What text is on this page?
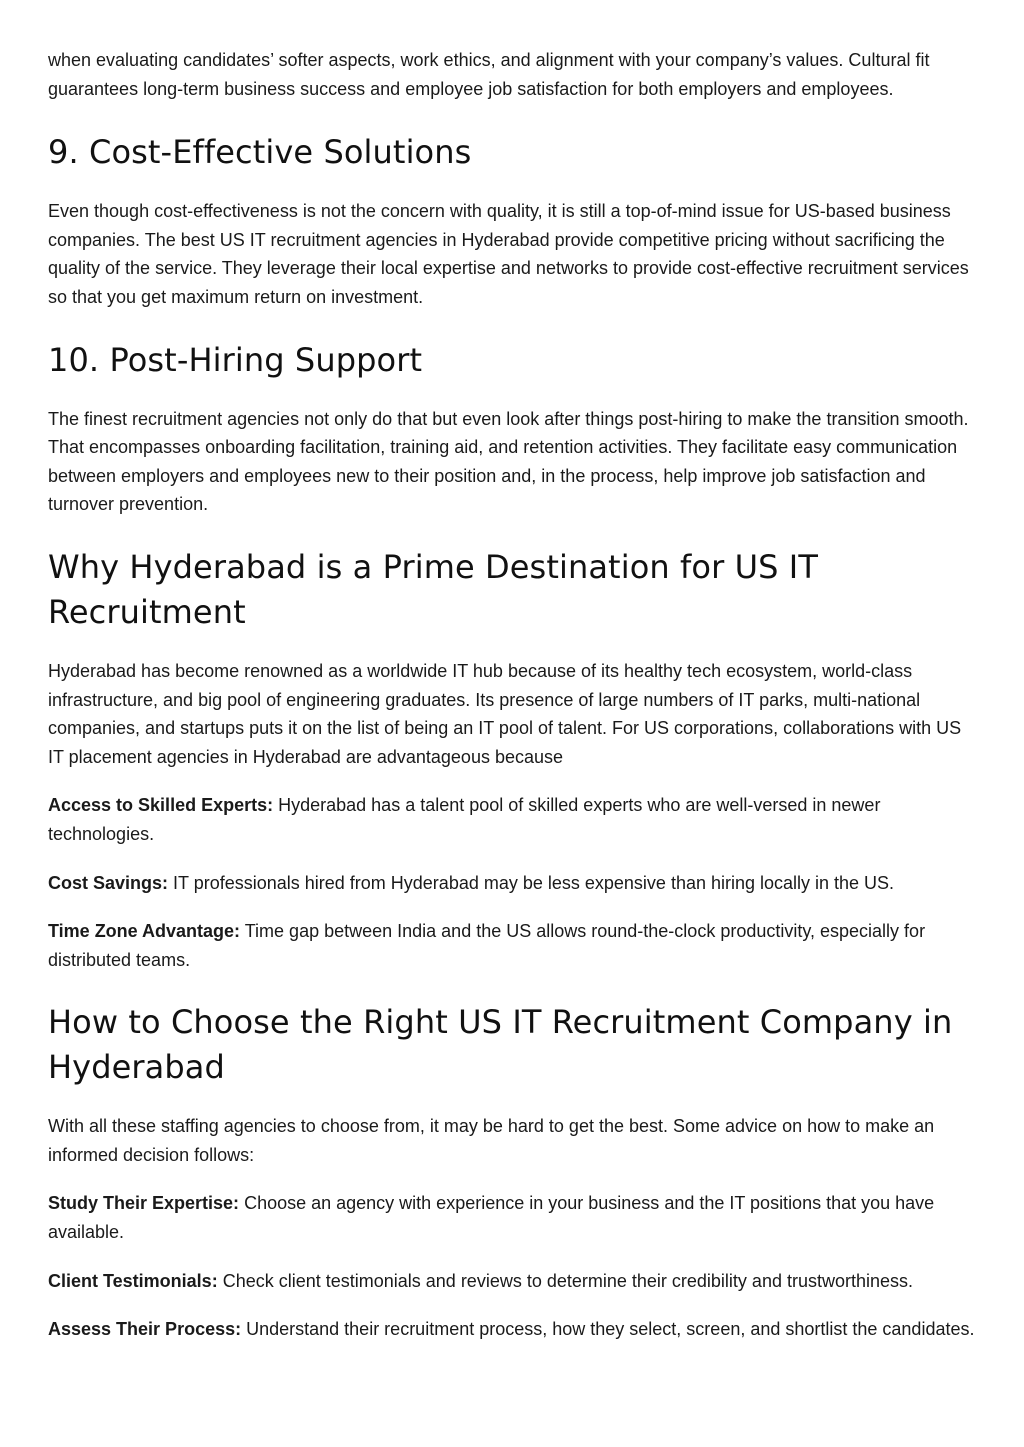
when evaluating candidates’ softer aspects, work ethics, and alignment with your company’s values. Cultural fit guarantees long-term business success and employee job satisfaction for both employers and employees.

9. Cost-Effective Solutions

Even though cost-effectiveness is not the concern with quality, it is still a top-of-mind issue for US-based business companies. The best US IT recruitment agencies in Hyderabad provide competitive pricing without sacrificing the quality of the service. They leverage their local expertise and networks to provide cost-effective recruitment services so that you get maximum return on investment.

10. Post-Hiring Support

The finest recruitment agencies not only do that but even look after things post-hiring to make the transition smooth. That encompasses onboarding facilitation, training aid, and retention activities. They facilitate easy communication between employers and employees new to their position and, in the process, help improve job satisfaction and turnover prevention.

Why Hyderabad is a Prime Destination for US IT Recruitment

Hyderabad has become renowned as a worldwide IT hub because of its healthy tech ecosystem, world-class infrastructure, and big pool of engineering graduates. Its presence of large numbers of IT parks, multi-national companies, and startups puts it on the list of being an IT pool of talent. For US corporations, collaborations with US IT placement agencies in Hyderabad are advantageous because

Access to Skilled Experts: Hyderabad has a talent pool of skilled experts who are well-versed in newer technologies.

Cost Savings: IT professionals hired from Hyderabad may be less expensive than hiring locally in the US.

Time Zone Advantage: Time gap between India and the US allows round-the-clock productivity, especially for distributed teams.

How to Choose the Right US IT Recruitment Company in Hyderabad

With all these staffing agencies to choose from, it may be hard to get the best. Some advice on how to make an informed decision follows:

Study Their Expertise: Choose an agency with experience in your business and the IT positions that you have available.

Client Testimonials: Check client testimonials and reviews to determine their credibility and trustworthiness.

Assess Their Process: Understand their recruitment process, how they select, screen, and shortlist the candidates.
